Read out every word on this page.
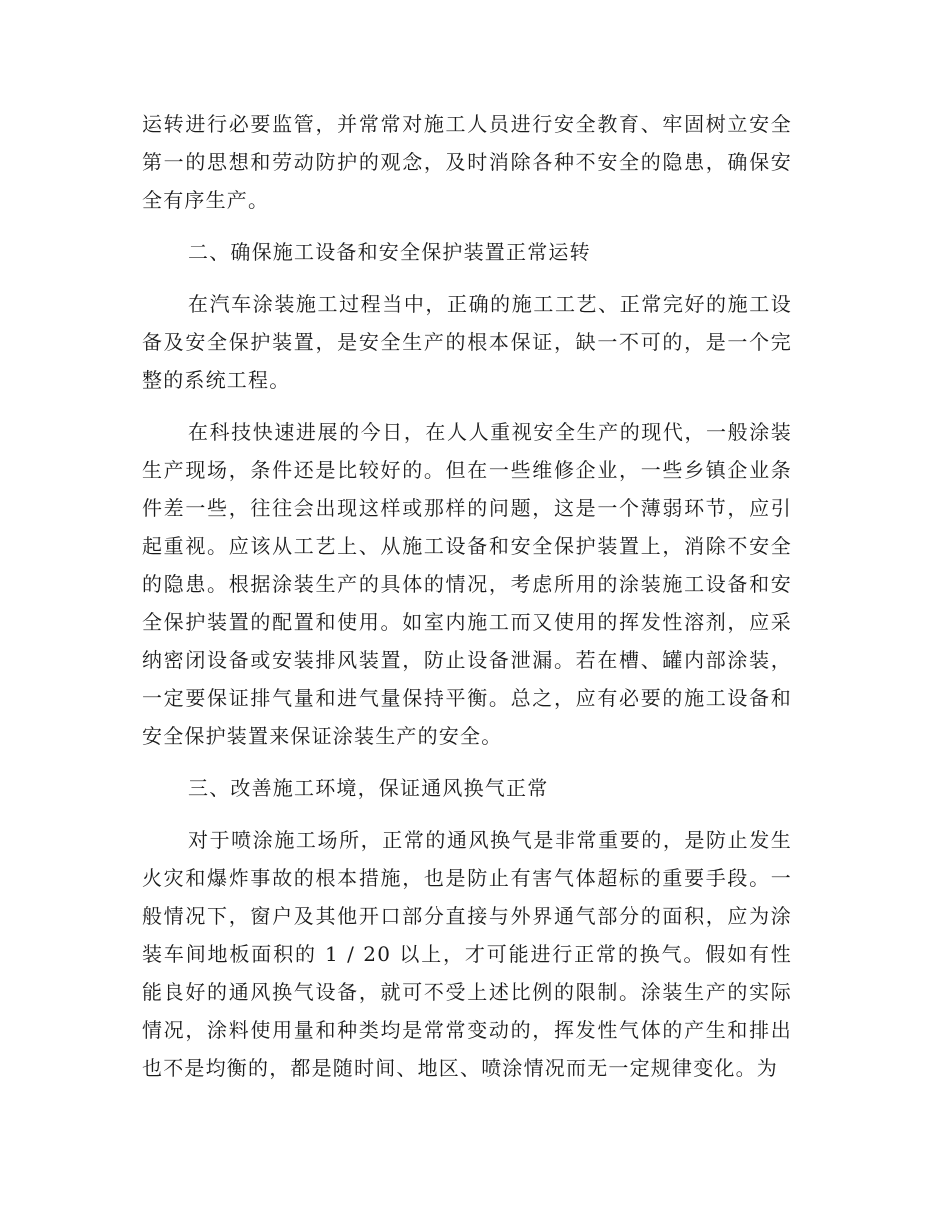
运转进行必要监管，并常常对施工人员进行安全教育、牢固树立安全第一的思想和劳动防护的观念，及时消除各种不安全的隐患，确保安全有序生产。

二、确保施工设备和安全保护装置正常运转

在汽车涂装施工过程当中，正确的施工工艺、正常完好的施工设备及安全保护装置，是安全生产的根本保证，缺一不可的，是一个完整的系统工程。

在科技快速进展的今日，在人人重视安全生产的现代，一般涂装生产现场，条件还是比较好的。但在一些维修企业，一些乡镇企业条件差一些，往往会出现这样或那样的问题，这是一个薄弱环节，应引起重视。应该从工艺上、从施工设备和安全保护装置上，消除不安全的隐患。根据涂装生产的具体的情况，考虑所用的涂装施工设备和安全保护装置的配置和使用。如室内施工而又使用的挥发性溶剂，应采纳密闭设备或安装排风装置，防止设备泄漏。若在槽、罐内部涂装，一定要保证排气量和进气量保持平衡。总之，应有必要的施工设备和安全保护装置来保证涂装生产的安全。

三、改善施工环境，保证通风换气正常

对于喷涂施工场所，正常的通风换气是非常重要的，是防止发生火灾和爆炸事故的根本措施，也是防止有害气体超标的重要手段。一般情况下，窗户及其他开口部分直接与外界通气部分的面积，应为涂装车间地板面积的 1 / 20 以上，才可能进行正常的换气。假如有性能良好的通风换气设备，就可不受上述比例的限制。涂装生产的实际情况，涂料使用量和种类均是常常变动的，挥发性气体的产生和排出也不是均衡的，都是随时间、地区、喷涂情况而无一定规律变化。为
